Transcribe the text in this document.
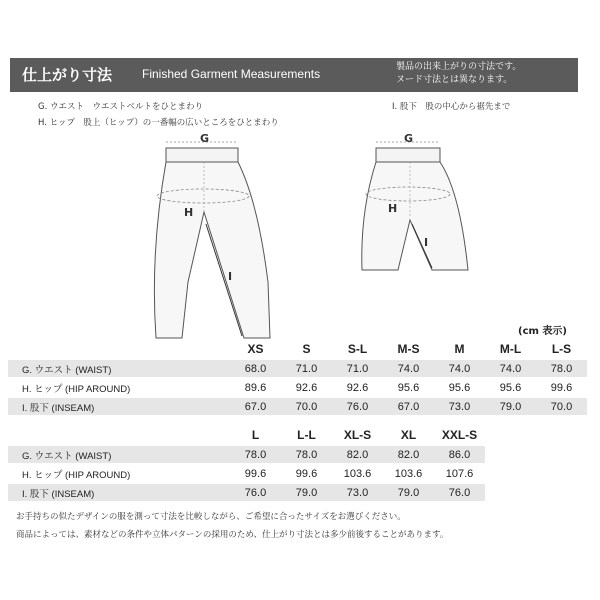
仕上がり寸法 Finished Garment Measurements	製品の出来上がりの寸法です。
ヌード寸法とは異なります。
G. ウエスト　ウエストベルトをひとまわり
H. ヒップ　股上（ヒップ）の一番幅の広いところをひとまわり
I. 股下　股の中心から裾先まで
G
H
I
G
H
I
(cm 表示)
	XS	S	S-L	M-S	M	M-L	L-S
G. ウエスト (WAIST)	68.0	71.0	71.0	74.0	74.0	74.0	78.0
H. ヒップ (HIP AROUND)	89.6	92.6	92.6	95.6	95.6	95.6	99.6
I. 股下 (INSEAM)	67.0	70.0	76.0	67.0	73.0	79.0	70.0
	L	L-L	XL-S	XL	XXL-S
G. ウエスト (WAIST)	78.0	78.0	82.0	82.0	86.0
H. ヒップ (HIP AROUND)	99.6	99.6	103.6	103.6	107.6
I. 股下 (INSEAM)	76.0	79.0	73.0	79.0	76.0
お手持ちの似たデザインの服を測って寸法を比較しながら、ご希望に合ったサイズをお選びください。
商品によっては、素材などの条件や立体パターンの採用のため、仕上がり寸法とは多少前後することがあります。
